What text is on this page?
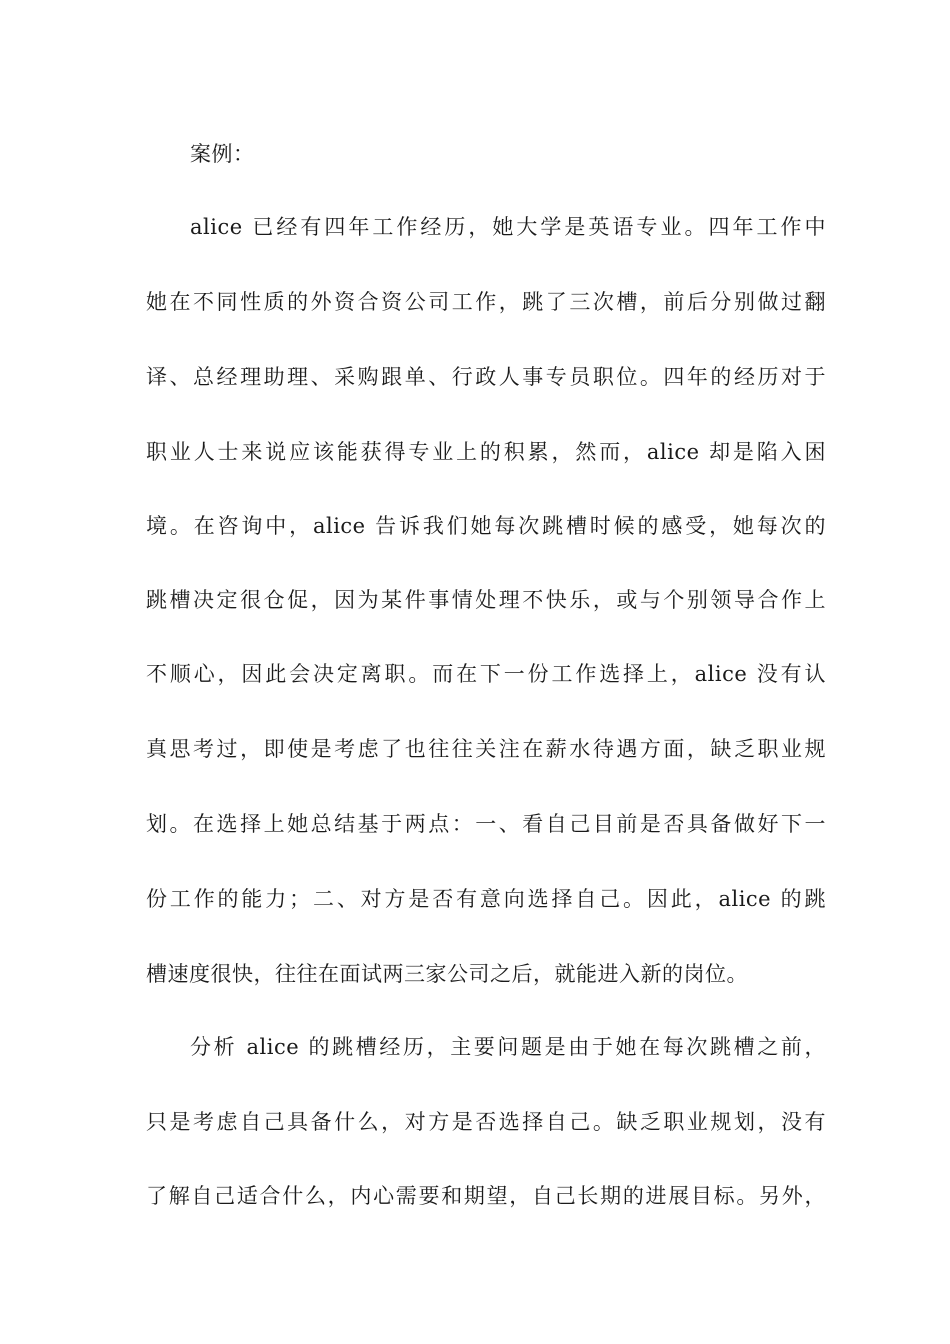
案例：
alice 已经有四年工作经历，她大学是英语专业。四年工作中
她在不同性质的外资合资公司工作，跳了三次槽，前后分别做过翻
译、总经理助理、采购跟单、行政人事专员职位。四年的经历对于
职业人士来说应该能获得专业上的积累，然而，alice 却是陷入困
境。在咨询中，alice 告诉我们她每次跳槽时候的感受，她每次的
跳槽决定很仓促，因为某件事情处理不快乐，或与个别领导合作上
不顺心，因此会决定离职。而在下一份工作选择上，alice 没有认
真思考过，即使是考虑了也往往关注在薪水待遇方面，缺乏职业规
划。在选择上她总结基于两点：一、看自己目前是否具备做好下一
份工作的能力；二、对方是否有意向选择自己。因此，alice 的跳
槽速度很快，往往在面试两三家公司之后，就能进入新的岗位。
分析 alice 的跳槽经历，主要问题是由于她在每次跳槽之前，
只是考虑自己具备什么，对方是否选择自己。缺乏职业规划，没有
了解自己适合什么，内心需要和期望，自己长期的进展目标。另外，
